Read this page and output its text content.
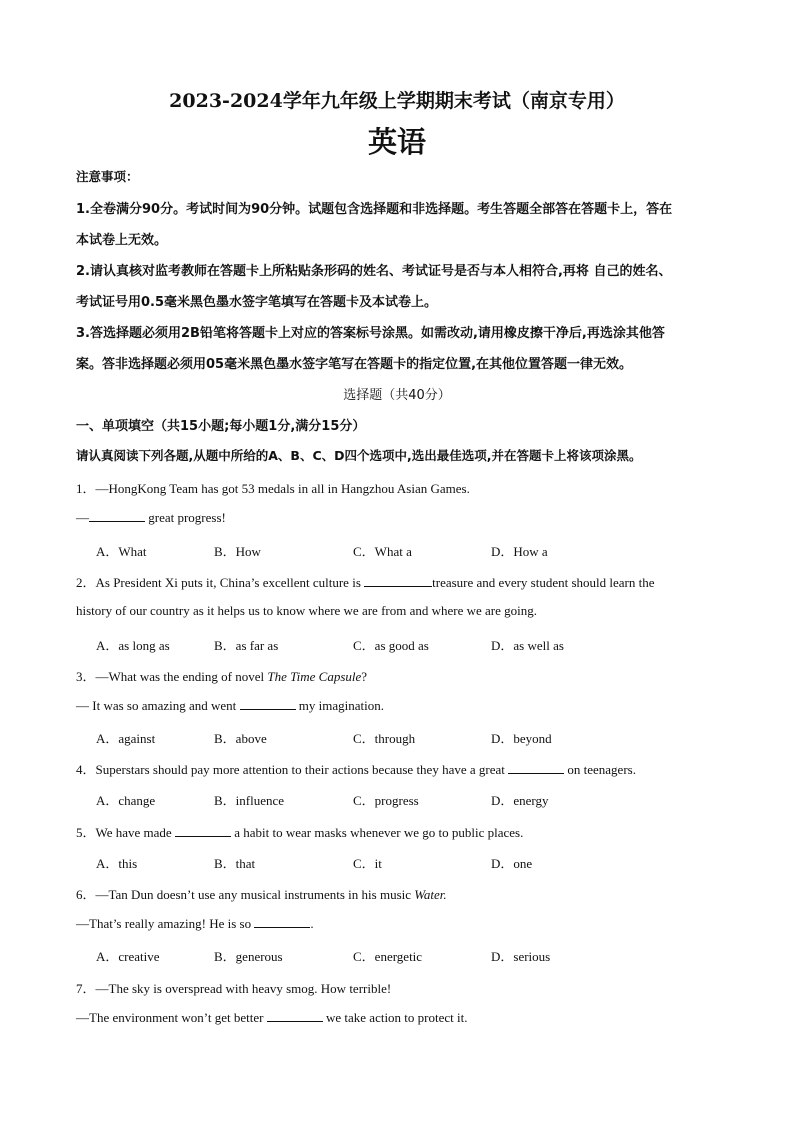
2023-2024学年九年级上学期期末考试（南京专用）
英语
注意事项：
1.全卷满分90分。考试时间为90分钟。试题包含选择题和非选择题。考生答题全部答在答题卡上，答在
本试卷上无效。
2.请认真核对监考教师在答题卡上所粘贴条形码的姓名、考试证号是否与本人相符合,再将 自己的姓名、
考试证号用0.5毫米黑色墨水签字笔填写在答题卡及本试卷上。
3.答选择题必须用2B铅笔将答题卡上对应的答案标号涂黑。如需改动,请用橡皮擦干净后,再选涂其他答
案。答非选择题必须用05毫米黑色墨水签字笔写在答题卡的指定位置,在其他位置答题一律无效。
选择题（共40分）
一、单项填空（共15小题;每小题1分,满分15分）
请认真阅读下列各题,从题中所给的A、B、C、D四个选项中,选出最佳选项,并在答题卡上将该项涂黑。
1．—HongKong Team has got 53 medals in all in Hangzhou Asian Games.
—	great progress!
A．What	B．How	C．What a	D．How a
2．As President Xi puts it, China’s excellent culture is	treasure and every student should learn the
history of our country as it helps us to know where we are from and where we are going.
A．as long as	B．as far as	C．as good as	D．as well as
3．—What was the ending of novel The Time Capsule?
— It was so amazing and went	my imagination.
A．against	B．above	C．through	D．beyond
4．Superstars should pay more attention to their actions because they have a great	on teenagers.
A．change	B．influence	C．progress	D．energy
5．We have made	a habit to wear masks whenever we go to public places.
A．this	B．that	C．it	D．one
6．—Tan Dun doesn’t use any musical instruments in his music Water.
—That’s really amazing! He is so	.
A．creative	B．generous	C．energetic	D．serious
7．—The sky is overspread with heavy smog. How terrible!
—The environment won’t get better	we take action to protect it.
